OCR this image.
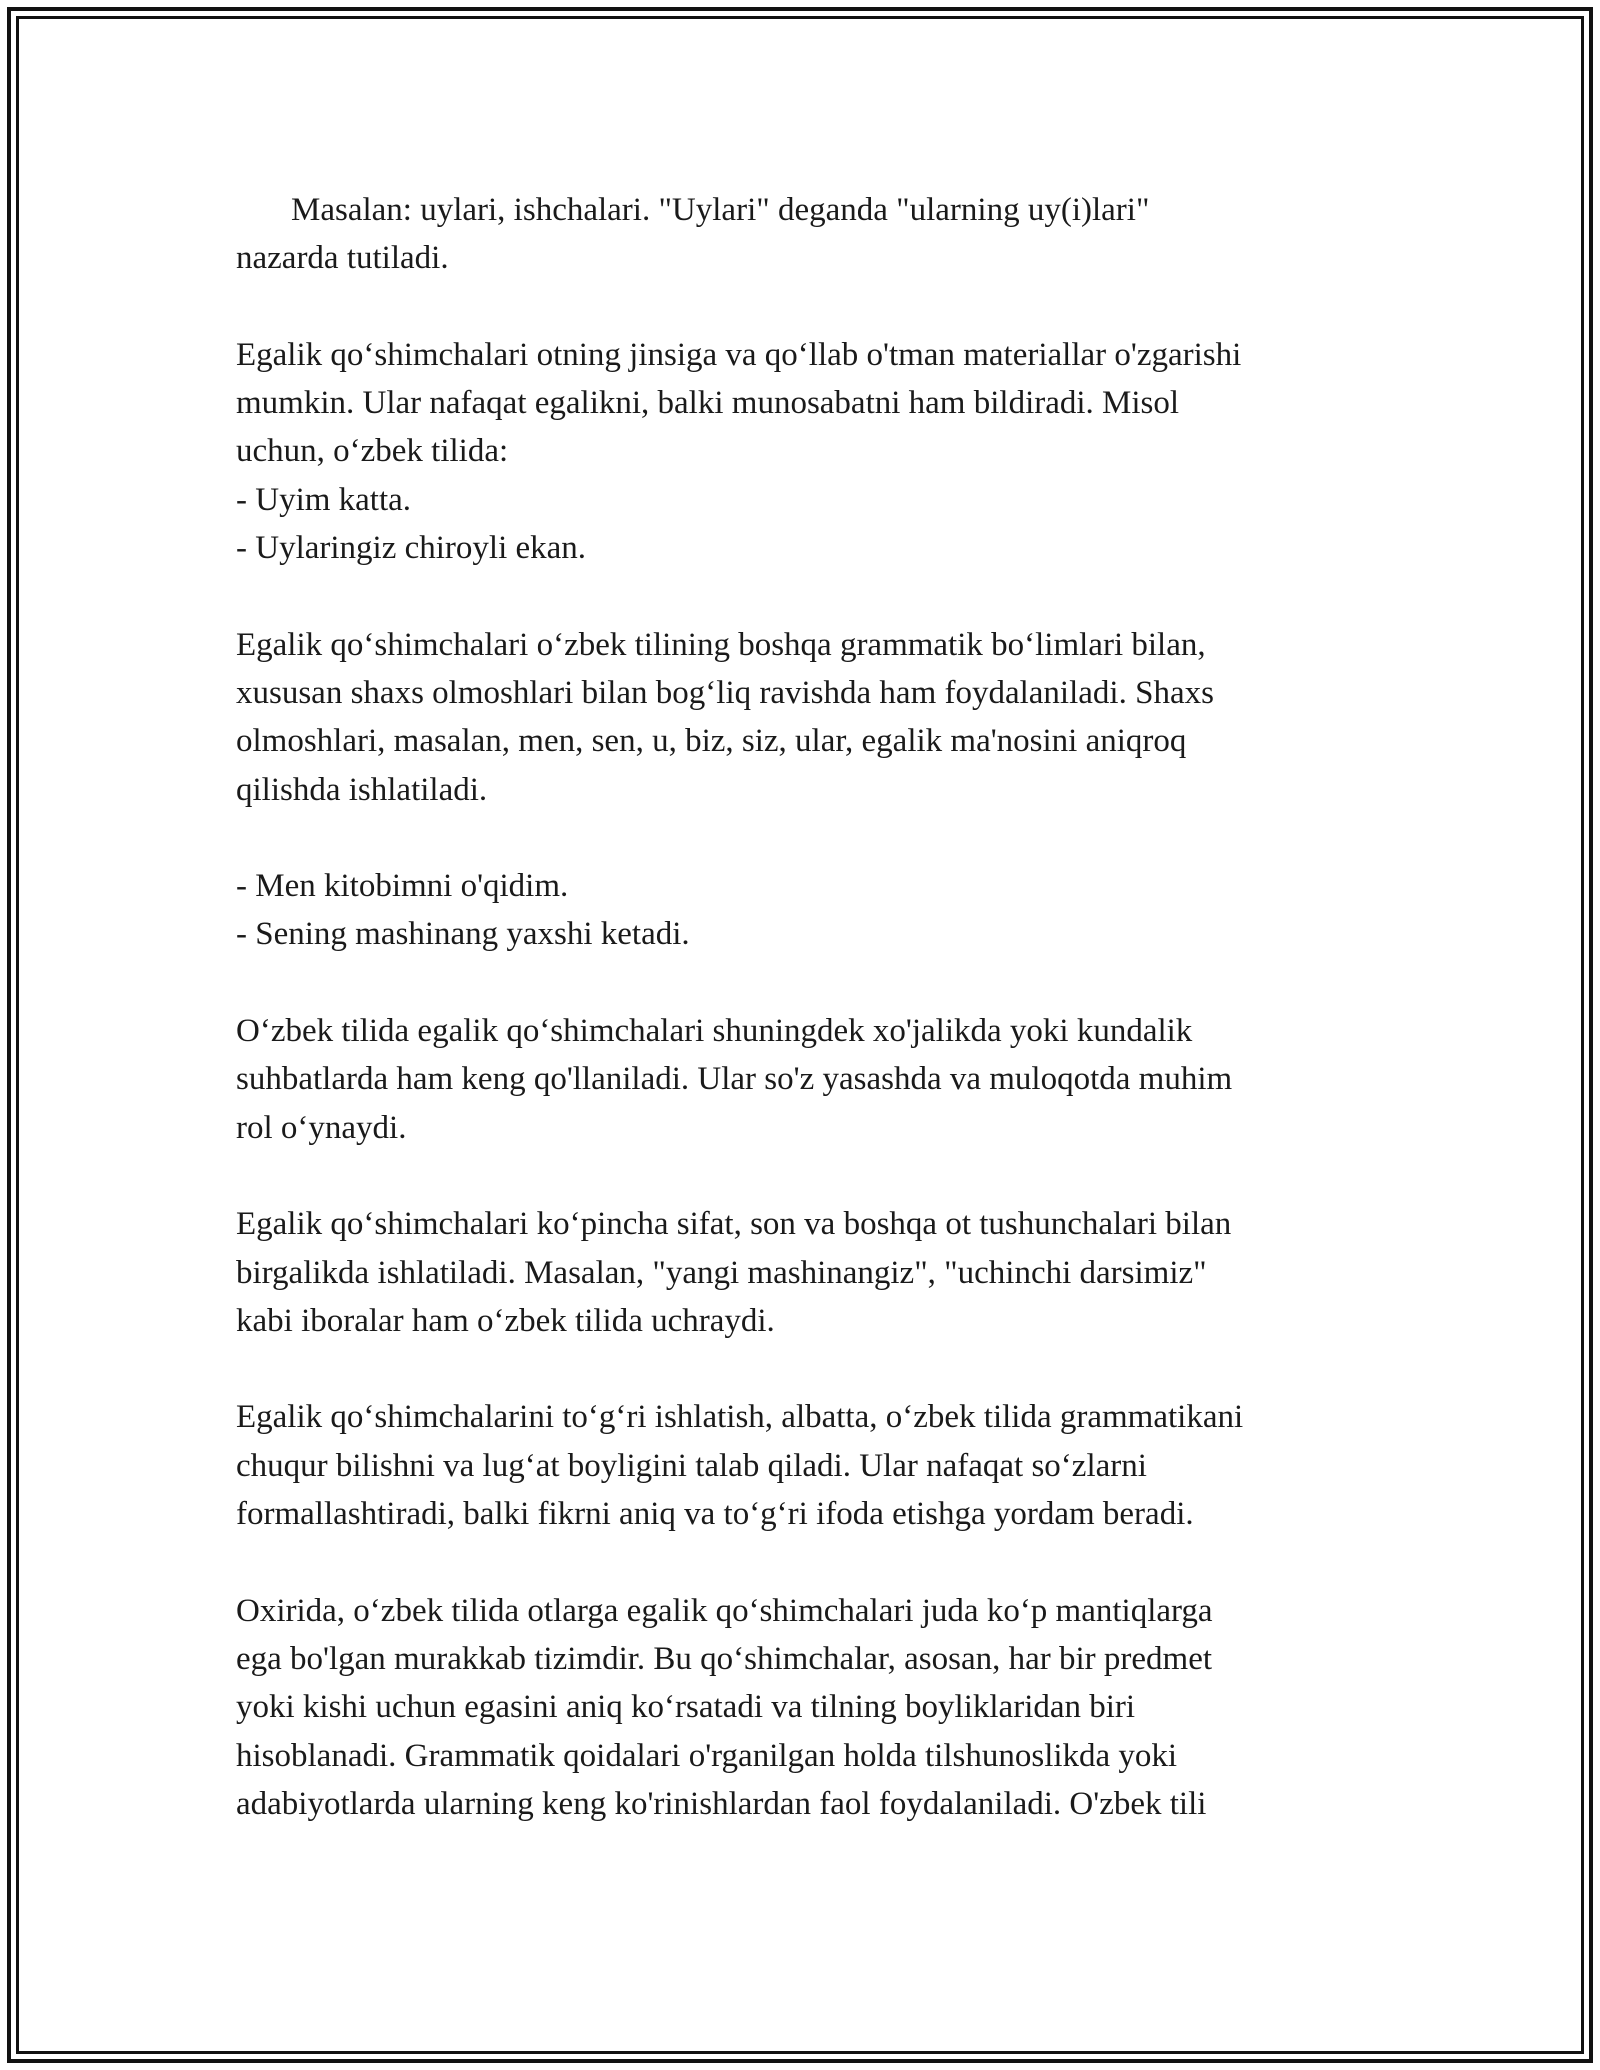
Masalan: uylari, ishchalari. "Uylari" deganda "ularning uy(i)lari"
nazarda tutiladi.

Egalik qo‘shimchalari otning jinsiga va qo‘llab o'tman materiallar o'zgarishi
mumkin. Ular nafaqat egalikni, balki munosabatni ham bildiradi. Misol
uchun, o‘zbek tilida:
- Uyim katta.
- Uylaringiz chiroyli ekan.

Egalik qo‘shimchalari o‘zbek tilining boshqa grammatik bo‘limlari bilan,
xususan shaxs olmoshlari bilan bog‘liq ravishda ham foydalaniladi. Shaxs
olmoshlari, masalan, men, sen, u, biz, siz, ular, egalik ma'nosini aniqroq
qilishda ishlatiladi.

- Men kitobimni o'qidim.
- Sening mashinang yaxshi ketadi.

O‘zbek tilida egalik qo‘shimchalari shuningdek xo'jalikda yoki kundalik
suhbatlarda ham keng qo'llaniladi. Ular so'z yasashda va muloqotda muhim
rol o‘ynaydi.

Egalik qo‘shimchalari ko‘pincha sifat, son va boshqa ot tushunchalari bilan
birgalikda ishlatiladi. Masalan, "yangi mashinangiz", "uchinchi darsimiz"
kabi iboralar ham o‘zbek tilida uchraydi.

Egalik qo‘shimchalarini to‘g‘ri ishlatish, albatta, o‘zbek tilida grammatikani
chuqur bilishni va lug‘at boyligini talab qiladi. Ular nafaqat so‘zlarni
formallashtiradi, balki fikrni aniq va to‘g‘ri ifoda etishga yordam beradi.

Oxirida, o‘zbek tilida otlarga egalik qo‘shimchalari juda ko‘p mantiqlarga
ega bo'lgan murakkab tizimdir. Bu qo‘shimchalar, asosan, har bir predmet
yoki kishi uchun egasini aniq ko‘rsatadi va tilning boyliklaridan biri
hisoblanadi. Grammatik qoidalari o'rganilgan holda tilshunoslikda yoki
adabiyotlarda ularning keng ko'rinishlardan faol foydalaniladi. O'zbek tili
